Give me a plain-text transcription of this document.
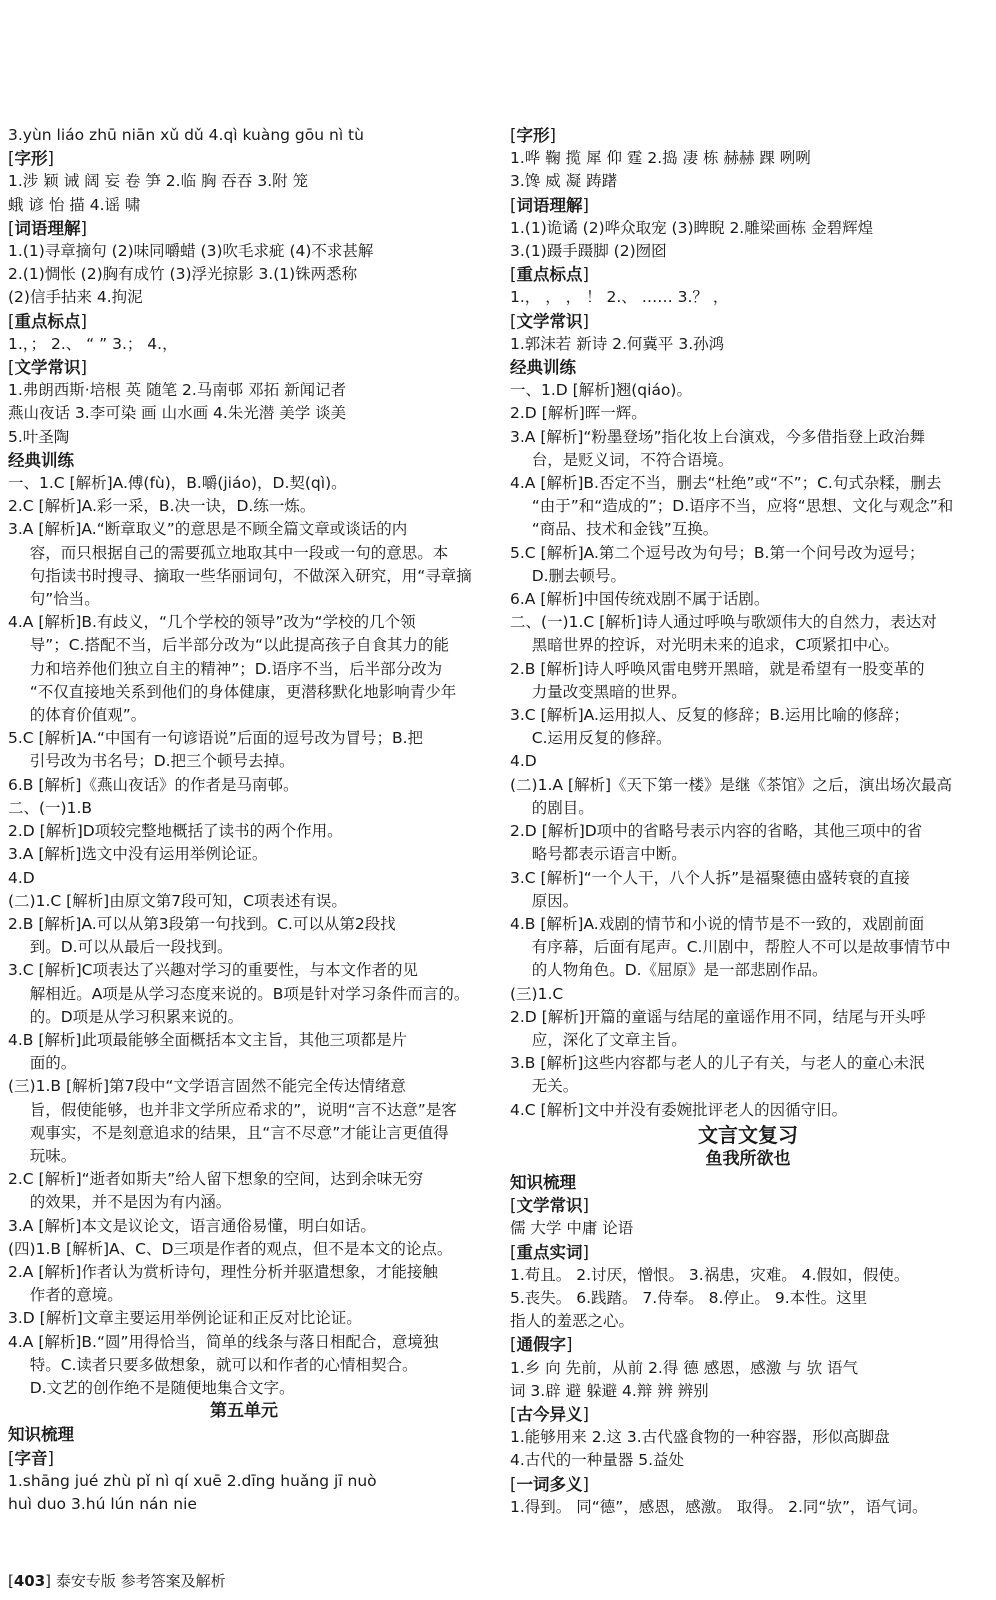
3.yùn liáo zhū niān xǔ dǔ 4.qì kuàng gōu nì tù
[字形]
1.涉 颖 诫 阔 妄 卷 笋 2.临 胸 吞吞 3.附 笼
蛾 谚 怡 描 4.谣 啸
[词语理解]
1.(1)寻章摘句 (2)味同嚼蜡 (3)吹毛求疵 (4)不求甚解
2.(1)惆怅 (2)胸有成竹 (3)浮光掠影 3.(1)铢两悉称
(2)信手拈来 4.拘泥
[重点标点]
1.，； 2.、 “ ” 3.； 4.，
[文学常识]
1.弗朗西斯·培根 英 随笔 2.马南邨 邓拓 新闻记者
燕山夜话 3.李可染 画 山水画 4.朱光潜 美学 谈美
5.叶圣陶
经典训练
一、1.C [解析]A.傅(fù)，B.嚼(jiáo)，D.契(qì)。
2.C [解析]A.彩一采，B.决一诀，D.练一炼。
3.A [解析]A.“断章取义”的意思是不顾全篇文章或谈话的内
容，而只根据自己的需要孤立地取其中一段或一句的意思。本
句指读书时搜寻、摘取一些华丽词句，不做深入研究，用“寻章摘
句”恰当。
4.A [解析]B.有歧义，“几个学校的领导”改为“学校的几个领
导”；C.搭配不当，后半部分改为“以此提高孩子自食其力的能
力和培养他们独立自主的精神”；D.语序不当，后半部分改为
“不仅直接地关系到他们的身体健康，更潜移默化地影响青少年
的体育价值观”。
5.C [解析]A.“中国有一句谚语说”后面的逗号改为冒号；B.把
引号改为书名号；D.把三个顿号去掉。
6.B [解析]《燕山夜话》的作者是马南邨。
二、(一)1.B
2.D [解析]D项较完整地概括了读书的两个作用。
3.A [解析]选文中没有运用举例论证。
4.D
(二)1.C [解析]由原文第7段可知，C项表述有误。
2.B [解析]A.可以从第3段第一句找到。C.可以从第2段找
到。D.可以从最后一段找到。
3.C [解析]C项表达了兴趣对学习的重要性，与本文作者的见
解相近。A项是从学习态度来说的。B项是针对学习条件而言的。
的。D项是从学习积累来说的。
4.B [解析]此项最能够全面概括本文主旨，其他三项都是片
面的。
(三)1.B [解析]第7段中“文学语言固然不能完全传达情绪意
旨，假使能够，也并非文学所应希求的”，说明“言不达意”是客
观事实，不是刻意追求的结果，且“言不尽意”才能让言更值得
玩味。
2.C [解析]“逝者如斯夫”给人留下想象的空间，达到余味无穷
的效果，并不是因为有内涵。
3.A [解析]本文是议论文，语言通俗易懂，明白如话。
(四)1.B [解析]A、C、D三项是作者的观点，但不是本文的论点。
2.A [解析]作者认为赏析诗句，理性分析并驱遣想象，才能接触
作者的意境。
3.D [解析]文章主要运用举例论证和正反对比论证。
4.A [解析]B.“圆”用得恰当，简单的线条与落日相配合，意境独
特。C.读者只要多做想象，就可以和作者的心情相契合。
D.文艺的创作绝不是随便地集合文字。
第五单元
知识梳理
[字音]
1.shāng jué zhù pǐ nì qí xuē 2.dīng huǎng jī nuò
huì duo 3.hú lún nán nie
[字形]
1.哗 鞠 揽 犀 仰 霆 2.捣 凄 栋 赫赫 踝 咧咧
3.馋 威 凝 踌躇
[词语理解]
1.(1)诡谲 (2)哗众取宠 (3)睥睨 2.雕梁画栋 金碧辉煌
3.(1)蹑手蹑脚 (2)囫囵
[重点标点]
1.， ， ， ！ 2.、 …… 3.？ ，
[文学常识]
1.郭沫若 新诗 2.何冀平 3.孙鸿
经典训练
一、1.D [解析]翘(qiáo)。
2.D [解析]晖一辉。
3.A [解析]“粉墨登场”指化妆上台演戏，今多借指登上政治舞
台，是贬义词，不符合语境。
4.A [解析]B.否定不当，删去“杜绝”或“不”；C.句式杂糅，删去
“由于”和“造成的”；D.语序不当，应将“思想、文化与观念”和
“商品、技术和金钱”互换。
5.C [解析]A.第二个逗号改为句号；B.第一个问号改为逗号；
D.删去顿号。
6.A [解析]中国传统戏剧不属于话剧。
二、(一)1.C [解析]诗人通过呼唤与歌颂伟大的自然力，表达对
黑暗世界的控诉，对光明未来的追求，C项紧扣中心。
2.B [解析]诗人呼唤风雷电劈开黑暗，就是希望有一股变革的
力量改变黑暗的世界。
3.C [解析]A.运用拟人、反复的修辞；B.运用比喻的修辞；
C.运用反复的修辞。
4.D
(二)1.A [解析]《天下第一楼》是继《茶馆》之后，演出场次最高
的剧目。
2.D [解析]D项中的省略号表示内容的省略，其他三项中的省
略号都表示语言中断。
3.C [解析]“一个人干，八个人拆”是福聚德由盛转衰的直接
原因。
4.B [解析]A.戏剧的情节和小说的情节是不一致的，戏剧前面
有序幕，后面有尾声。C.川剧中，帮腔人不可以是故事情节中
的人物角色。D.《屈原》是一部悲剧作品。
(三)1.C
2.D [解析]开篇的童谣与结尾的童谣作用不同，结尾与开头呼
应，深化了文章主旨。
3.B [解析]这些内容都与老人的儿子有关，与老人的童心未泯
无关。
4.C [解析]文中并没有委婉批评老人的因循守旧。
文言文复习
鱼我所欲也
知识梳理
[文学常识]
儒 大学 中庸 论语
[重点实词]
1.苟且。 2.讨厌，憎恨。 3.祸患，灾难。 4.假如，假使。
5.丧失。 6.践踏。 7.侍奉。 8.停止。 9.本性。这里
指人的羞恶之心。
[通假字]
1.乡 向 先前，从前 2.得 德 感恩，感激 与 欤 语气
词 3.辟 避 躲避 4.辩 辨 辨别
[古今异义]
1.能够用来 2.这 3.古代盛食物的一种容器，形似高脚盘
4.古代的一种量器 5.益处
[一词多义]
1.得到。 同“德”，感恩，感激。 取得。 2.同“欤”，语气词。
[403] 泰安专版 参考答案及解析
